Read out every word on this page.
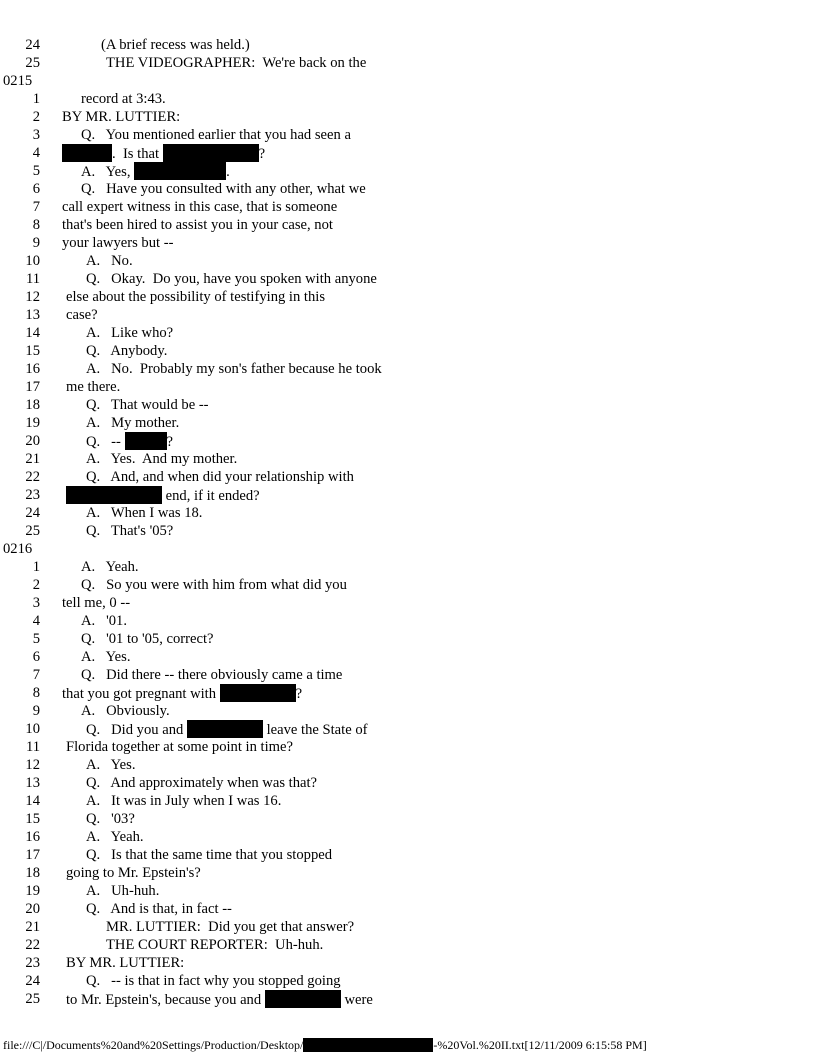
24	(A brief recess was held.)
25	THE VIDEOGRAPHER:  We're back on the
0215
1	record at 3:43.
2 BY MR. LUTTIER:
3	Q.   You mentioned earlier that you had seen a
4	.  Is that	?
5	A.   Yes,	.
6	Q.   Have you consulted with any other, what we
7 call expert witness in this case, that is someone
8 that's been hired to assist you in your case, not
9 your lawyers but --
10	A.   No.
11	Q.   Okay.  Do you, have you spoken with anyone
12 else about the possibility of testifying in this
13 case?
14	A.   Like who?
15	Q.   Anybody.
16	A.   No.  Probably my son's father because he took
17 me there.
18	Q.   That would be --
19	A.   My mother.
20	Q.   --	?
21	A.   Yes.  And my mother.
22	Q.   And, and when did your relationship with
23	end, if it ended?
24	A.   When I was 18.
25	Q.   That's '05?
0216
1	A.   Yeah.
2	Q.   So you were with him from what did you
3 tell me, 0 --
4	A.   '01.
5	Q.   '01 to '05, correct?
6	A.   Yes.
7	Q.   Did there -- there obviously came a time
8 that you got pregnant with	?
9	A.   Obviously.
10	Q.   Did you and	leave the State of
11 Florida together at some point in time?
12	A.   Yes.
13	Q.   And approximately when was that?
14	A.   It was in July when I was 16.
15	Q.   '03?
16	A.   Yeah.
17	Q.   Is that the same time that you stopped
18 going to Mr. Epstein's?
19	A.   Uh-huh.
20	Q.   And is that, in fact --
21	MR. LUTTIER:  Did you get that answer?
22	THE COURT REPORTER:  Uh-huh.
23 BY MR. LUTTIER:
24	Q.   -- is that in fact why you stopped going
25 to Mr. Epstein's, because you and	were
file:///C|/Documents%20and%20Settings/Production/Desktop/	-%20Vol.%20II.txt[12/11/2009 6:15:58 PM]
